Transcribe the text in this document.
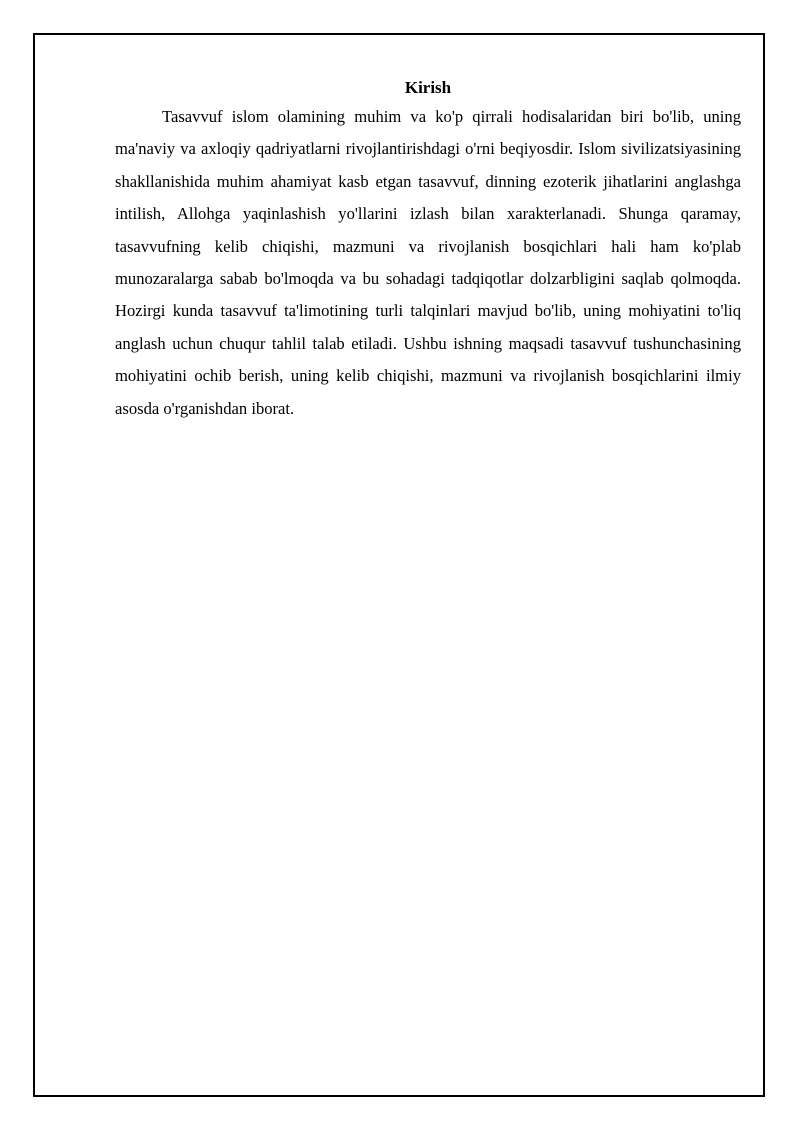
Kirish

Tasavvuf islom olamining muhim va ko'p qirrali hodisalaridan biri bo'lib, uning ma'naviy va axloqiy qadriyatlarni rivojlantirishdagi o'rni beqiyosdir. Islom sivilizatsiyasining shakllanishida muhim ahamiyat kasb etgan tasavvuf, dinning ezoterik jihatlarini anglashga intilish, Allohga yaqinlashish yo'llarini izlash bilan xarakterlanadi. Shunga qaramay, tasavvufning kelib chiqishi, mazmuni va rivojlanish bosqichlari hali ham ko'plab munozaralarga sabab bo'lmoqda va bu sohadagi tadqiqotlar dolzarbligini saqlab qolmoqda. Hozirgi kunda tasavvuf ta'limotining turli talqinlari mavjud bo'lib, uning mohiyatini to'liq anglash uchun chuqur tahlil talab etiladi. Ushbu ishning maqsadi tasavvuf tushunchasining mohiyatini ochib berish, uning kelib chiqishi, mazmuni va rivojlanish bosqichlarini ilmiy asosda o'rganishdan iborat.
